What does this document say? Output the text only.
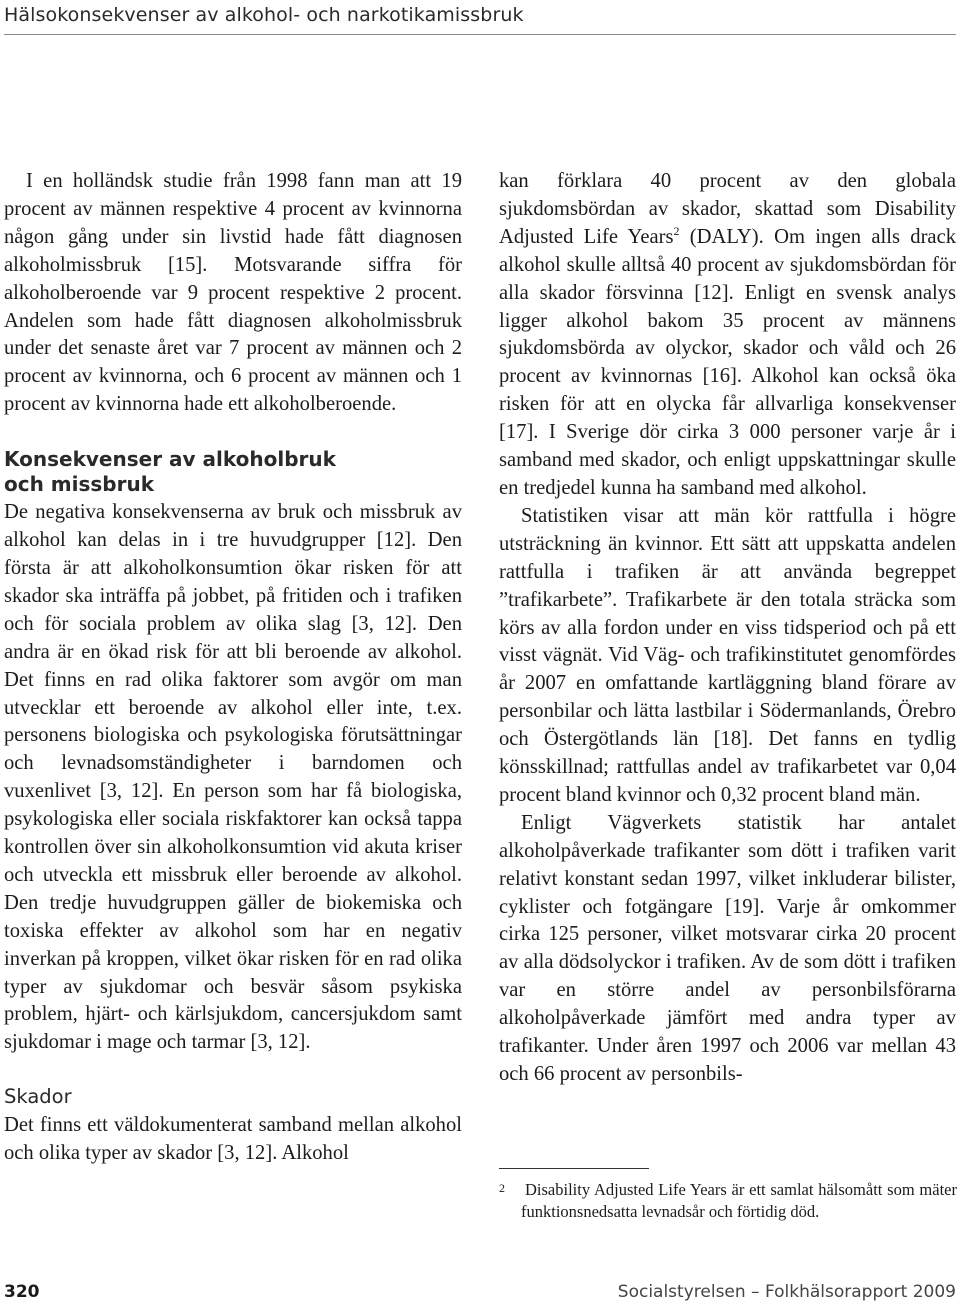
Hälsokonsekvenser av alkohol- och narkotikamissbruk

I en holländsk studie från 1998 fann man att 19 procent av männen respektive 4 procent av kvinnorna någon gång under sin livstid hade fått diagnosen alkoholmissbruk [15]. Motsvarande siffra för alkoholberoende var 9 procent respektive 2 procent. Andelen som hade fått diagnosen alkoholmissbruk under det senaste året var 7 procent av männen och 2 procent av kvinnorna, och 6 procent av männen och 1 procent av kvinnorna hade ett alkoholberoende.

Konsekvenser av alkoholbruk
och missbruk

De negativa konsekvenserna av bruk och missbruk av alkohol kan delas in i tre huvudgrupper [12]. Den första är att alkoholkonsumtion ökar risken för att skador ska inträffa på jobbet, på fritiden och i trafiken och för sociala problem av olika slag [3, 12]. Den andra är en ökad risk för att bli beroende av alkohol. Det finns en rad olika faktorer som avgör om man utvecklar ett beroende av alkohol eller inte, t.ex. personens biologiska och psykologiska förutsättningar och levnadsomständigheter i barndomen och vuxenlivet [3, 12]. En person som har få biologiska, psykologiska eller sociala riskfaktorer kan också tappa kontrollen över sin alkoholkonsumtion vid akuta kriser och utveckla ett missbruk eller beroende av alkohol. Den tredje huvudgruppen gäller de biokemiska och toxiska effekter av alkohol som har en negativ inverkan på kroppen, vilket ökar risken för en rad olika typer av sjukdomar och besvär såsom psykiska problem, hjärt- och kärlsjukdom, cancersjukdom samt sjukdomar i mage och tarmar [3, 12].

Skador

Det finns ett väldokumenterat samband mellan alkohol och olika typer av skador [3, 12]. Alkohol

kan förklara 40 procent av den globala sjukdomsbördan av skador, skattad som Disability Adjusted Life Years$^2$ (DALY). Om ingen alls drack alkohol skulle alltså 40 procent av sjukdomsbördan för alla skador försvinna [12]. Enligt en svensk analys ligger alkohol bakom 35 procent av männens sjukdomsbörda av olyckor, skador och våld och 26 procent av kvinnornas [16]. Alkohol kan också öka risken för att en olycka får allvarliga konsekvenser [17]. I Sverige dör cirka 3 000 personer varje år i samband med skador, och enligt uppskattningar skulle en tredjedel kunna ha samband med alkohol.

Statistiken visar att män kör rattfulla i högre utsträckning än kvinnor. Ett sätt att uppskatta andelen rattfulla i trafiken är att använda begreppet ”trafikarbete”. Trafikarbete är den totala sträcka som körs av alla fordon under en viss tidsperiod och på ett visst vägnät. Vid Väg- och trafikinstitutet genomfördes år 2007 en omfattande kartläggning bland förare av personbilar och lätta lastbilar i Södermanlands, Örebro och Östergötlands län [18]. Det fanns en tydlig könsskillnad; rattfullas andel av trafikarbetet var 0,04 procent bland kvinnor och 0,32 procent bland män.

Enligt Vägverkets statistik har antalet alkoholpåverkade trafikanter som dött i trafiken varit relativt konstant sedan 1997, vilket inkluderar bilister, cyklister och fotgängare [19]. Varje år omkommer cirka 125 personer, vilket motsvarar cirka 20 procent av alla dödsolyckor i trafiken. Av de som dött i trafiken var en större andel av personbilsförarna alkoholpåverkade jämfört med andra typer av trafikanter. Under åren 1997 och 2006 var mellan 43 och 66 procent av personbils-

2 Disability Adjusted Life Years är ett samlat hälsomått som mäter funktionsnedsatta levnadsår och förtidig död.
320	Socialstyrelsen – Folkhälsorapport 2009
